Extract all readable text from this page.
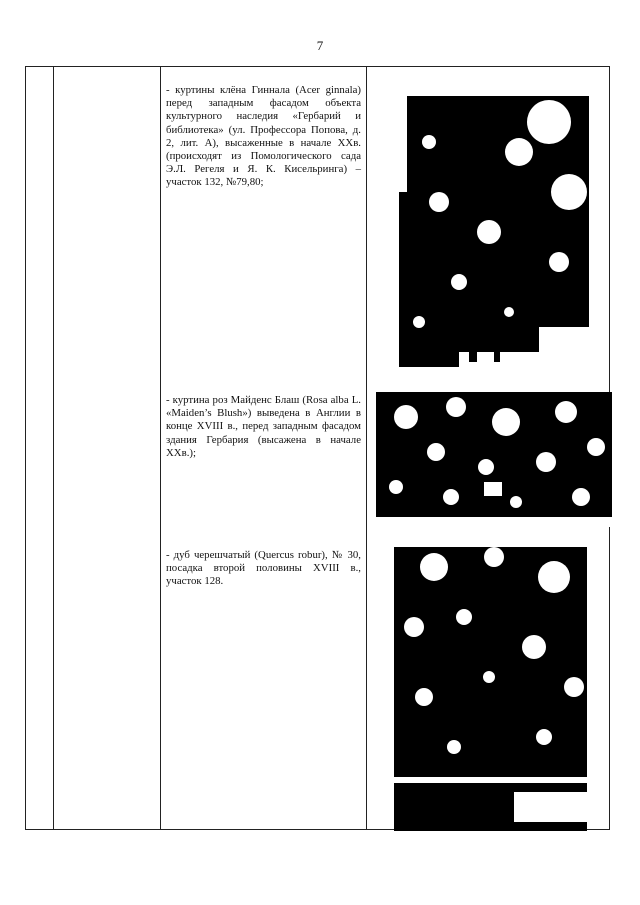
7
- куртины клёна Гиннала (Acer ginnala) перед западным фасадом объекта культурного наследия «Гербарий и библиотека» (ул. Профессора Попова, д. 2, лит. А), высаженные в начале XXв. (происходят из Помологического сада Э.Л. Регеля и Я. К. Кисельринга) – участок 132, №79,80;
- куртина роз Майденс Блаш (Rosa alba L. «Maiden’s Blush») выведена в Англии в конце XVIII в., перед западным фасадом здания Гербария (высажена в начале XXв.);
- дуб черешчатый (Quercus robur), № 30, посадка второй половины XVIII в., участок 128.
